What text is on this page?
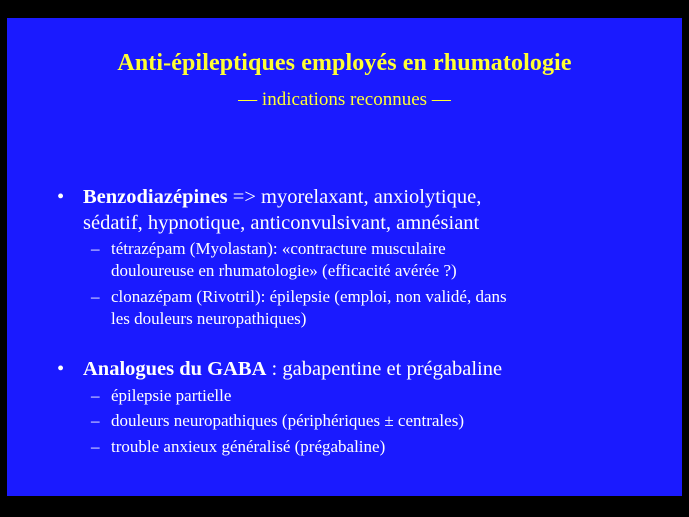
Anti-épileptiques employés en rhumatologie
— indications reconnues —
• Benzodiazépines => myorelaxant, anxiolytique,
sédatif, hypnotique, anticonvulsivant, amnésiant
– tétrazépam (Myolastan): «contracture musculaire
douloureuse en rhumatologie» (efficacité avérée ?)
– clonazépam (Rivotril): épilepsie (emploi, non validé, dans
les douleurs neuropathiques)
• Analogues du GABA : gabapentine et prégabaline
– épilepsie partielle
– douleurs neuropathiques (périphériques ± centrales)
– trouble anxieux généralisé (prégabaline)
